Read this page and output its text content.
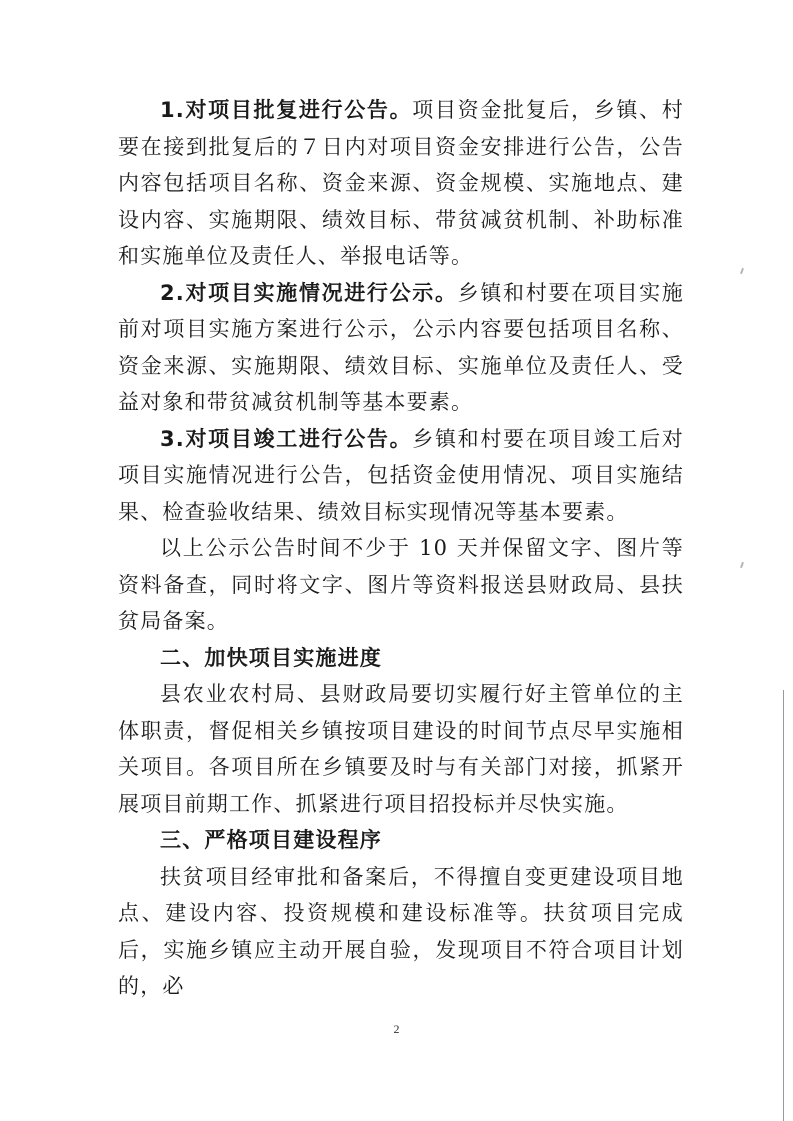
1.对项目批复进行公告。项目资金批复后，乡镇、村要在接到批复后的７日内对项目资金安排进行公告，公告内容包括项目名称、资金来源、资金规模、实施地点、建设内容、实施期限、绩效目标、带贫减贫机制、补助标准和实施单位及责任人、举报电话等。

2.对项目实施情况进行公示。乡镇和村要在项目实施前对项目实施方案进行公示，公示内容要包括项目名称、资金来源、实施期限、绩效目标、实施单位及责任人、受益对象和带贫减贫机制等基本要素。

3.对项目竣工进行公告。乡镇和村要在项目竣工后对项目实施情况进行公告，包括资金使用情况、项目实施结果、检查验收结果、绩效目标实现情况等基本要素。

以上公示公告时间不少于 10 天并保留文字、图片等资料备查，同时将文字、图片等资料报送县财政局、县扶贫局备案。

二、加快项目实施进度

县农业农村局、县财政局要切实履行好主管单位的主体职责，督促相关乡镇按项目建设的时间节点尽早实施相关项目。各项目所在乡镇要及时与有关部门对接，抓紧开展项目前期工作、抓紧进行项目招投标并尽快实施。

三、严格项目建设程序

扶贫项目经审批和备案后，不得擅自变更建设项目地点、建设内容、投资规模和建设标准等。扶贫项目完成后，实施乡镇应主动开展自验，发现项目不符合项目计划的，必

2
